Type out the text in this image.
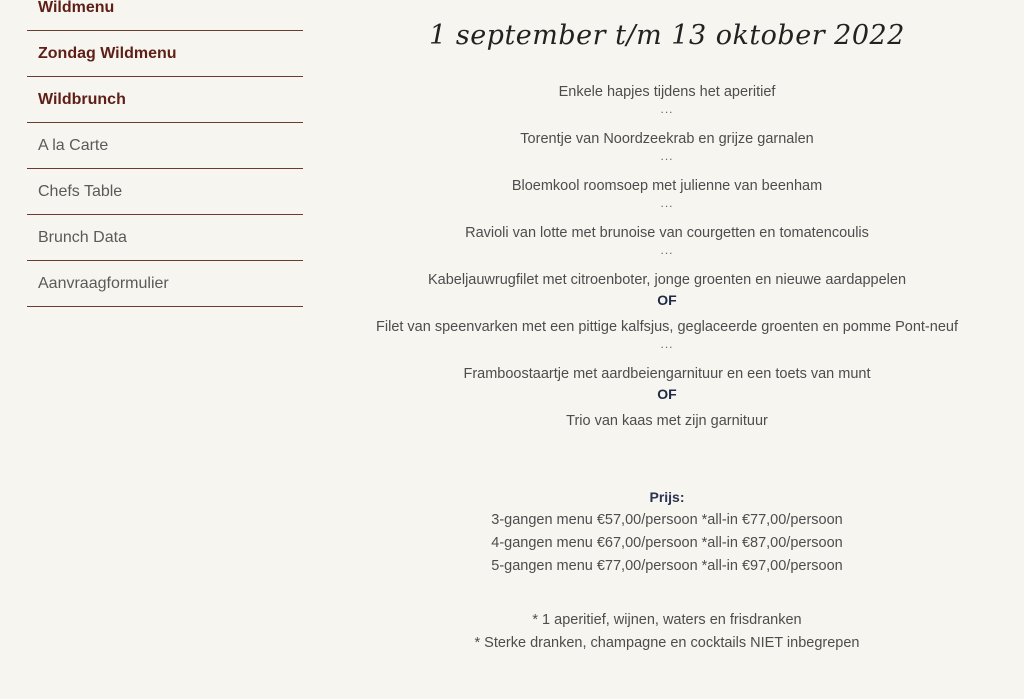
Wildmenu
Zondag Wildmenu
Wildbrunch
A la Carte
Chefs Table
Brunch Data
Aanvraagformulier
1 september t/m 13 oktober 2022
Enkele hapjes tijdens het aperitief
...
Torentje van Noordzeekrab en grijze garnalen
...
Bloemkool roomsoep met julienne van beenham
...
Ravioli van lotte met brunoise van courgetten en tomatencoulis
...
Kabeljauwrugfilet met citroenboter, jonge groenten en nieuwe aardappelen
OF
Filet van speenvarken met een pittige kalfsjus, geglaceerde groenten en pomme Pont-neuf
...
Framboostaartje met aardbeiengarnituur en een toets van munt
OF
Trio van kaas met zijn garnituur
Prijs:
3-gangen menu €57,00/persoon *all-in €77,00/persoon
4-gangen menu €67,00/persoon *all-in €87,00/persoon
5-gangen menu €77,00/persoon *all-in €97,00/persoon
* 1 aperitief, wijnen, waters en frisdranken
* Sterke dranken, champagne en cocktails NIET inbegrepen
